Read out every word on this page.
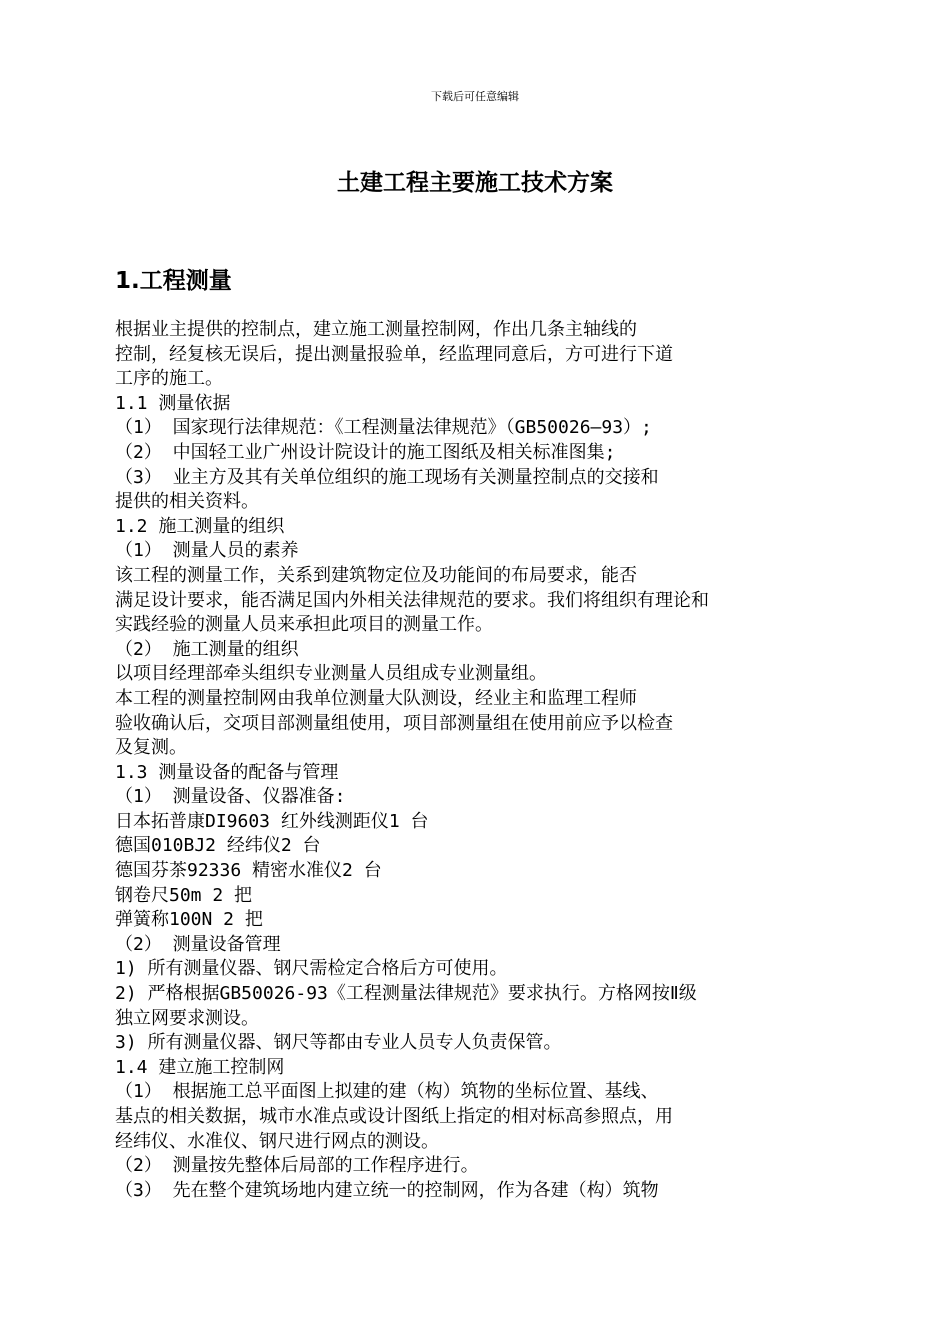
下载后可任意编辑
土建工程主要施工技术方案
1.工程测量
根据业主提供的控制点，建立施工测量控制网，作出几条主轴线的
控制，经复核无误后，提出测量报验单，经监理同意后，方可进行下道
工序的施工。
1.1 测量依据
（1） 国家现行法律规范：《工程测量法律规范》（GB50026—93）;
（2） 中国轻工业广州设计院设计的施工图纸及相关标准图集;
（3） 业主方及其有关单位组织的施工现场有关测量控制点的交接和
提供的相关资料。
1.2 施工测量的组织
（1） 测量人员的素养
该工程的测量工作，关系到建筑物定位及功能间的布局要求，能否
满足设计要求，能否满足国内外相关法律规范的要求。我们将组织有理论和
实践经验的测量人员来承担此项目的测量工作。
（2） 施工测量的组织
以项目经理部牵头组织专业测量人员组成专业测量组。
本工程的测量控制网由我单位测量大队测设，经业主和监理工程师
验收确认后，交项目部测量组使用，项目部测量组在使用前应予以检查
及复测。
1.3 测量设备的配备与管理
（1） 测量设备、仪器准备:
日本拓普康DI9603 红外线测距仪1 台
德国010BJ2 经纬仪2 台
德国芬茶92336 精密水准仪2 台
钢卷尺50m 2 把
弹簧称100N 2 把
（2） 测量设备管理
1) 所有测量仪器、钢尺需检定合格后方可使用。
2) 严格根据GB50026-93《工程测量法律规范》要求执行。方格网按Ⅱ级
独立网要求测设。
3) 所有测量仪器、钢尺等都由专业人员专人负责保管。
1.4 建立施工控制网
（1） 根据施工总平面图上拟建的建（构）筑物的坐标位置、基线、
基点的相关数据，城市水准点或设计图纸上指定的相对标高参照点，用
经纬仪、水准仪、钢尺进行网点的测设。
（2） 测量按先整体后局部的工作程序进行。
（3） 先在整个建筑场地内建立统一的控制网，作为各建（构）筑物
